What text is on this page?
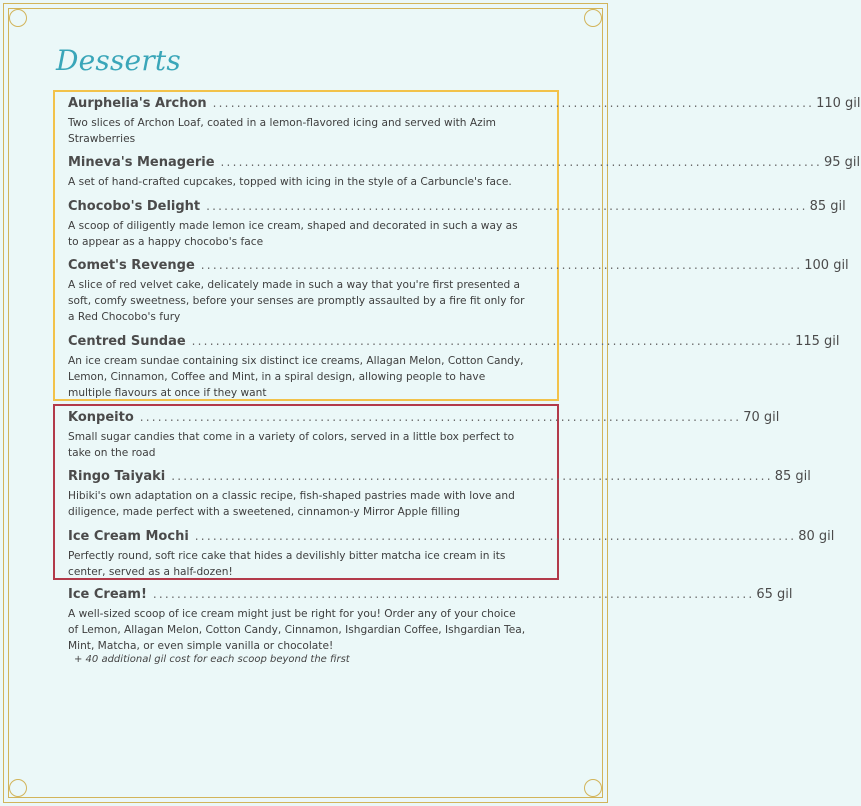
Desserts
Aurphelia's Archon .................................................................................................... 110 gil
Two slices of Archon Loaf, coated in a lemon-flavored icing and served with Azim Strawberries
Mineva's Menagerie .................................................................................................... 95 gil
A set of hand-crafted cupcakes, topped with icing in the style of a Carbuncle's face.
Chocobo's Delight .................................................................................................... 85 gil
A scoop of diligently made lemon ice cream, shaped and decorated in such a way as to appear as a happy chocobo's face
Comet's Revenge .................................................................................................... 100 gil
A slice of red velvet cake, delicately made in such a way that you're first presented a soft, comfy sweetness, before your senses are promptly assaulted by a fire fit only for a Red Chocobo's fury
Centred Sundae .................................................................................................... 115 gil
An ice cream sundae containing six distinct ice creams, Allagan Melon, Cotton Candy, Lemon, Cinnamon, Coffee and Mint, in a spiral design, allowing people to have multiple flavours at once if they want
Konpeito .................................................................................................... 70 gil
Small sugar candies that come in a variety of colors, served in a little box perfect to take on the road
Ringo Taiyaki .................................................................................................... 85 gil
Hibiki's own adaptation on a classic recipe, fish-shaped pastries made with love and diligence, made perfect with a sweetened, cinnamon-y Mirror Apple filling
Ice Cream Mochi .................................................................................................... 80 gil
Perfectly round, soft rice cake that hides a devilishly bitter matcha ice cream in its center, served as a half-dozen!
Ice Cream! .................................................................................................... 65 gil
A well-sized scoop of ice cream might just be right for you! Order any of your choice of Lemon, Allagan Melon, Cotton Candy, Cinnamon, Ishgardian Coffee, Ishgardian Tea, Mint, Matcha, or even simple vanilla or chocolate!
+ 40 additional gil cost for each scoop beyond the first
